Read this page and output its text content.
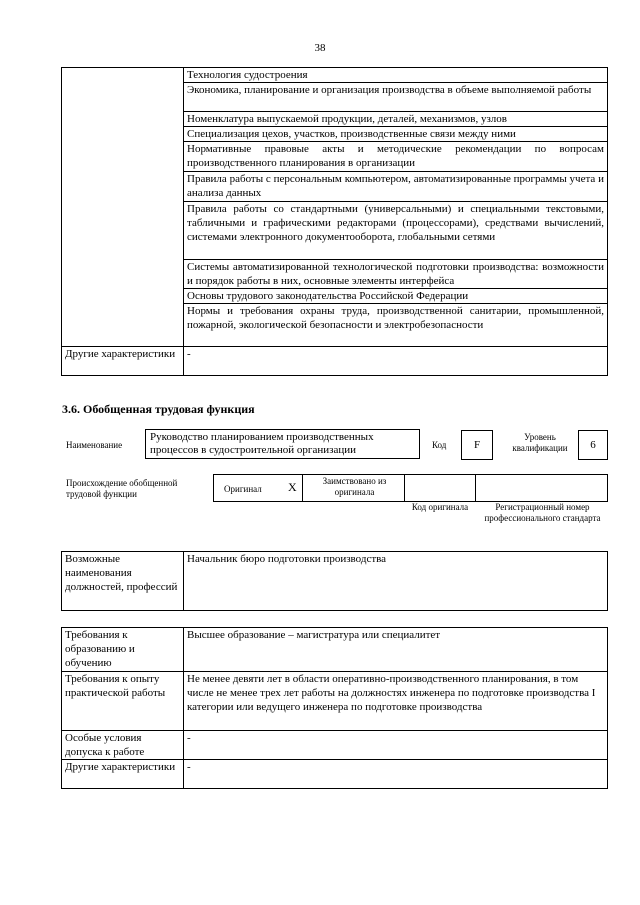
38
	Технология судостроения
	Экономика, планирование и организация производства в объеме выполняемой работы
	Номенклатура выпускаемой продукции, деталей, механизмов, узлов
	Специализация цехов, участков, производственные связи между ними
	Нормативные правовые акты и методические рекомендации по вопросам производственного планирования в организации
	Правила работы с персональным компьютером, автоматизированные программы учета и анализа данных
	Правила работы со стандартными (универсальными) и специальными текстовыми, табличными и графическими редакторами (процессорами), средствами вычислений, системами электронного документооборота, глобальными сетями
	Системы автоматизированной технологической подготовки производства: возможности и порядок работы в них, основные элементы интерфейса
	Основы трудового законодательства Российской Федерации
	Нормы и требования охраны труда, производственной санитарии, промышленной, пожарной, экологической безопасности и электробезопасности
Другие характеристики	-
3.6. Обобщенная трудовая функция
Наименование
Руководство планированием производственных процессов в судостроительной организации	Код	F
Уровень квалификации	6
Происхождение обобщенной трудовой функции	Оригинал X	Заимствовано из оригинала
Код оригинала	Регистрационный номер профессионального стандарта
Возможные наименования должностей, профессий	Начальник бюро подготовки производства
Требования к образованию и обучению	Высшее образование – магистратура или специалитет
Требования к опыту практической работы	Не менее девяти лет в области оперативно-производственного планирования, в том числе не менее трех лет работы на должностях инженера по подготовке производства I категории или ведущего инженера по подготовке производства
Особые условия допуска к работе	-
Другие характеристики	-
